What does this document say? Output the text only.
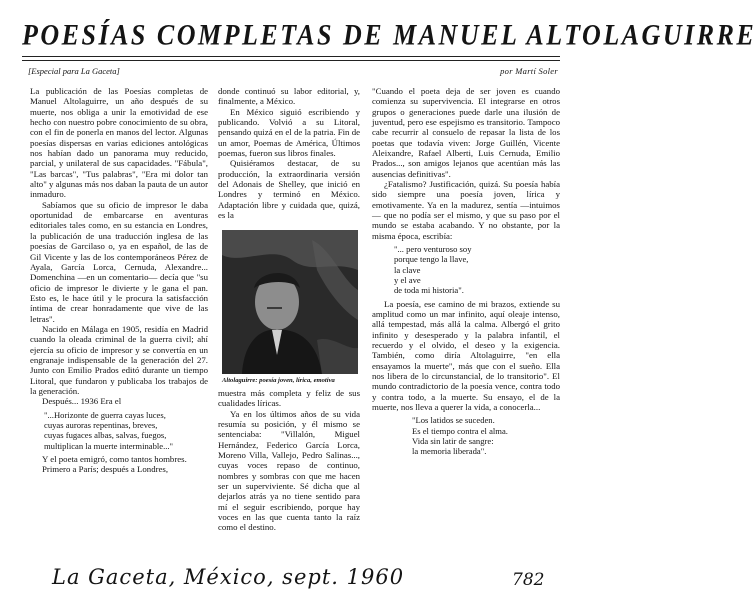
POESÍAS COMPLETAS DE MANUEL ALTOLAGUIRRE
[Especial para La Gaceta]	por Martí Soler

La publicación de las Poesías completas de Manuel Altolaguirre, un año después de su muerte, nos obliga a unir la emotividad de ese hecho con nuestro pobre conocimiento de su obra, con el fin de ponerla en manos del lector. Algunas poesías dispersas en varias ediciones antológicas nos habían dado un panorama muy reducido, parcial, y unilateral de sus capacidades. "Fábula", "Las barcas", "Tus palabras", "Era mi dolor tan alto" y algunas más nos daban la pauta de un autor inmaduro.

Sabíamos que su oficio de impresor le daba oportunidad de embarcarse en aventuras editoriales tales como, en su estancia en Londres, la publicación de una traducción inglesa de las poesías de Garcilaso o, ya en español, de las de Gil Vicente y las de los contemporáneos Pérez de Ayala, García Lorca, Cernuda, Alexandre... Domenchina —en un comentario— decía que "su oficio de impresor le divierte y le gana el pan. Esto es, le hace útil y le procura la satisfacción íntima de crear honradamente que vive de las letras".

Nacido en Málaga en 1905, residía en Madrid cuando la oleada criminal de la guerra civil; ahí ejercía su oficio de impresor y se convertía en un engranaje indispensable de la generación del 27. Junto con Emilio Prados editó durante un tiempo Litoral, que fundaron y publicaba los trabajos de la generación.

Después... 1936 Era el

"...Horizonte de guerra cayas luces,
cuyas auroras repentinas, breves,
cuyas fugaces albas, salvas, fuegos,
multiplican la muerte interminable..."

Y el poeta emigró, como tantos hombres.

Primero a París; después a Londres,

donde continuó su labor editorial, y, finalmente, a México.

En México siguió escribiendo y publicando. Volvió a su Litoral, pensando quizá en el de la patria. Fin de un amor, Poemas de América, Últimos poemas, fueron sus libros finales.

Quisiéramos destacar, de su producción, la extraordinaria versión del Adonais de Shelley, que inició en Londres y terminó en México. Adaptación libre y cuidada que, quizá, es la

Altolaguirre: poesía joven, lírica, emotiva

muestra más completa y feliz de sus cualidades líricas.

Ya en los últimos años de su vida resumía su posición, y él mismo se sentenciaba: "Villalón, Miguel Hernández, Federico García Lorca, Moreno Villa, Vallejo, Pedro Salinas..., cuyas voces repaso de continuo, nombres y sombras con que me hacen ser un superviviente. Sé dicha que al dejarlos atrás ya no tiene sentido para mí el seguir escribiendo, porque hay voces en las que cuenta tanto la raíz como el destino.

"Cuando el poeta deja de ser joven es cuando comienza su supervivencia. El integrarse en otros grupos o generaciones puede darle una ilusión de juventud, pero ese espejismo es transitorio. Tampoco cabe recurrir al consuelo de repasar la lista de los poetas que todavía viven: Jorge Guillén, Vicente Aleixandre, Rafael Alberti, Luis Cernuda, Emilio Prados..., son amigos lejanos que acentúan más las ausencias definitivas".

¿Fatalismo? Justificación, quizá. Su poesía había sido siempre una poesía joven, lírica y emotivamente. Ya en la madurez, sentía —intuimos— que no podía ser el mismo, y que su paso por el mundo se estaba acabando. Y no obstante, por la misma época, escribía:

"... pero venturoso soy
porque tengo la llave,
la clave
y el ave
de toda mi historia".

La poesía, ese camino de mi brazos, extiende su amplitud como un mar infinito, aquí oleaje intenso, allá tempestad, más allá la calma. Albergó el grito infinito y desesperado y la palabra infantil, el recuerdo y el olvido, el deseo y la exigencia. También, como diría Altolaguirre, "en ella ensayamos la muerte", más que con el sueño. Ella nos libera de lo circunstancial, de lo transitorio". El mundo contradictorio de la poesía vence, contra todo y contra todo, a la muerte. Su ensayo, el de la muerte, nos lleva a querer la vida, a conocerla...

"Los latidos se suceden.
Es el tiempo contra el alma.
Vida sin latir de sangre:
la memoria liberada".
La Gaceta, México, sept. 1960	782
